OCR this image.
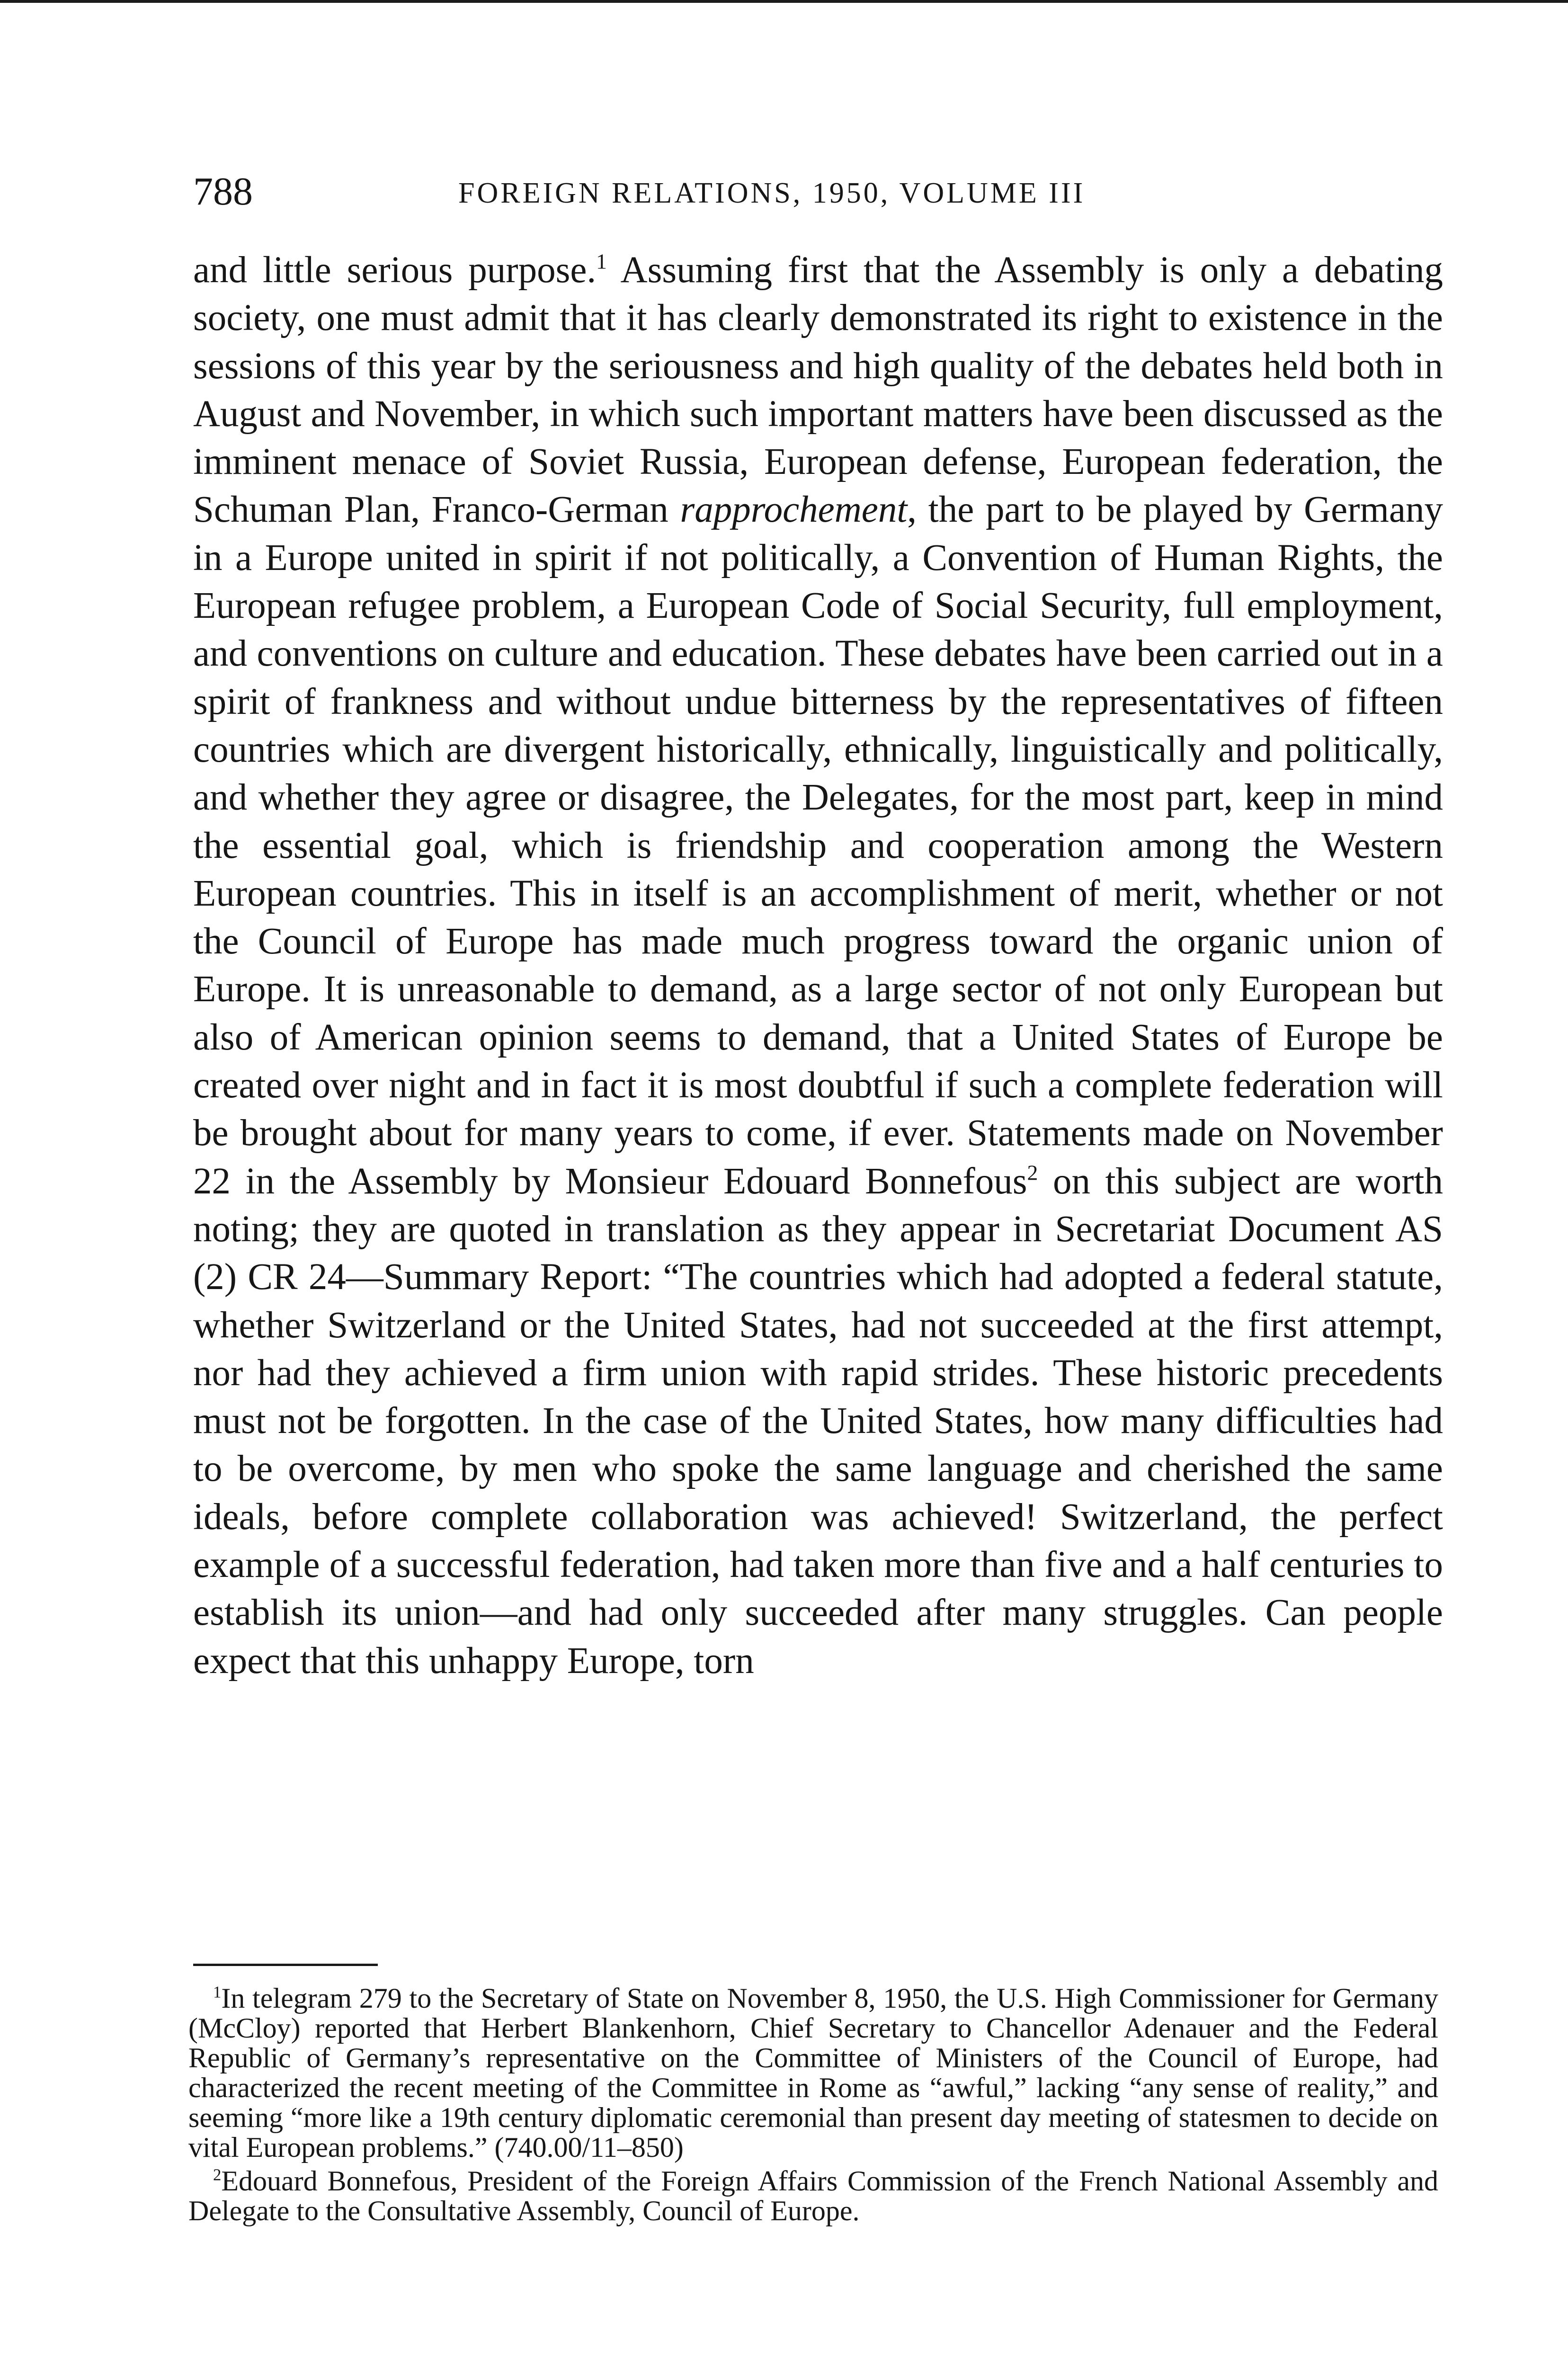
788	FOREIGN RELATIONS, 1950, VOLUME III

and little serious purpose.$^1$ Assuming first that the Assembly is only a debating society, one must admit that it has clearly demonstrated its right to existence in the sessions of this year by the seriousness and high quality of the debates held both in August and November, in which such important matters have been discussed as the imminent menace of Soviet Russia, European defense, European federation, the Schuman Plan, Franco-German rapprochement, the part to be played by Germany in a Europe united in spirit if not politically, a Convention of Human Rights, the European refugee problem, a European Code of Social Security, full employment, and conventions on culture and education. These debates have been carried out in a spirit of frankness and without undue bitterness by the representatives of fifteen countries which are divergent historically, ethnically, linguistically and politically, and whether they agree or disagree, the Delegates, for the most part, keep in mind the essential goal, which is friendship and cooperation among the Western European countries. This in itself is an accomplishment of merit, whether or not the Council of Europe has made much progress toward the organic union of Europe. It is unreasonable to demand, as a large sector of not only European but also of American opinion seems to demand, that a United States of Europe be created over night and in fact it is most doubtful if such a complete federation will be brought about for many years to come, if ever. Statements made on November 22 in the Assembly by Monsieur Edouard Bonnefous$^2$ on this subject are worth noting; they are quoted in translation as they appear in Secretariat Document AS (2) CR 24—Summary Report: “The countries which had adopted a federal statute, whether Switzerland or the United States, had not succeeded at the first attempt, nor had they achieved a firm union with rapid strides. These historic precedents must not be forgotten. In the case of the United States, how many difficulties had to be overcome, by men who spoke the same language and cherished the same ideals, before complete collaboration was achieved! Switzerland, the perfect example of a successful federation, had taken more than five and a half centuries to establish its union—and had only succeeded after many struggles. Can people expect that this unhappy Europe, torn

$^1$In telegram 279 to the Secretary of State on November 8, 1950, the U.S. High Commissioner for Germany (McCloy) reported that Herbert Blankenhorn, Chief Secretary to Chancellor Adenauer and the Federal Republic of Germany’s representative on the Committee of Ministers of the Council of Europe, had characterized the recent meeting of the Committee in Rome as “awful,” lacking “any sense of reality,” and seeming “more like a 19th century diplomatic ceremonial than present day meeting of statesmen to decide on vital European problems.” (740.00/11–850)

$^2$Edouard Bonnefous, President of the Foreign Affairs Commission of the French National Assembly and Delegate to the Consultative Assembly, Council of Europe.
